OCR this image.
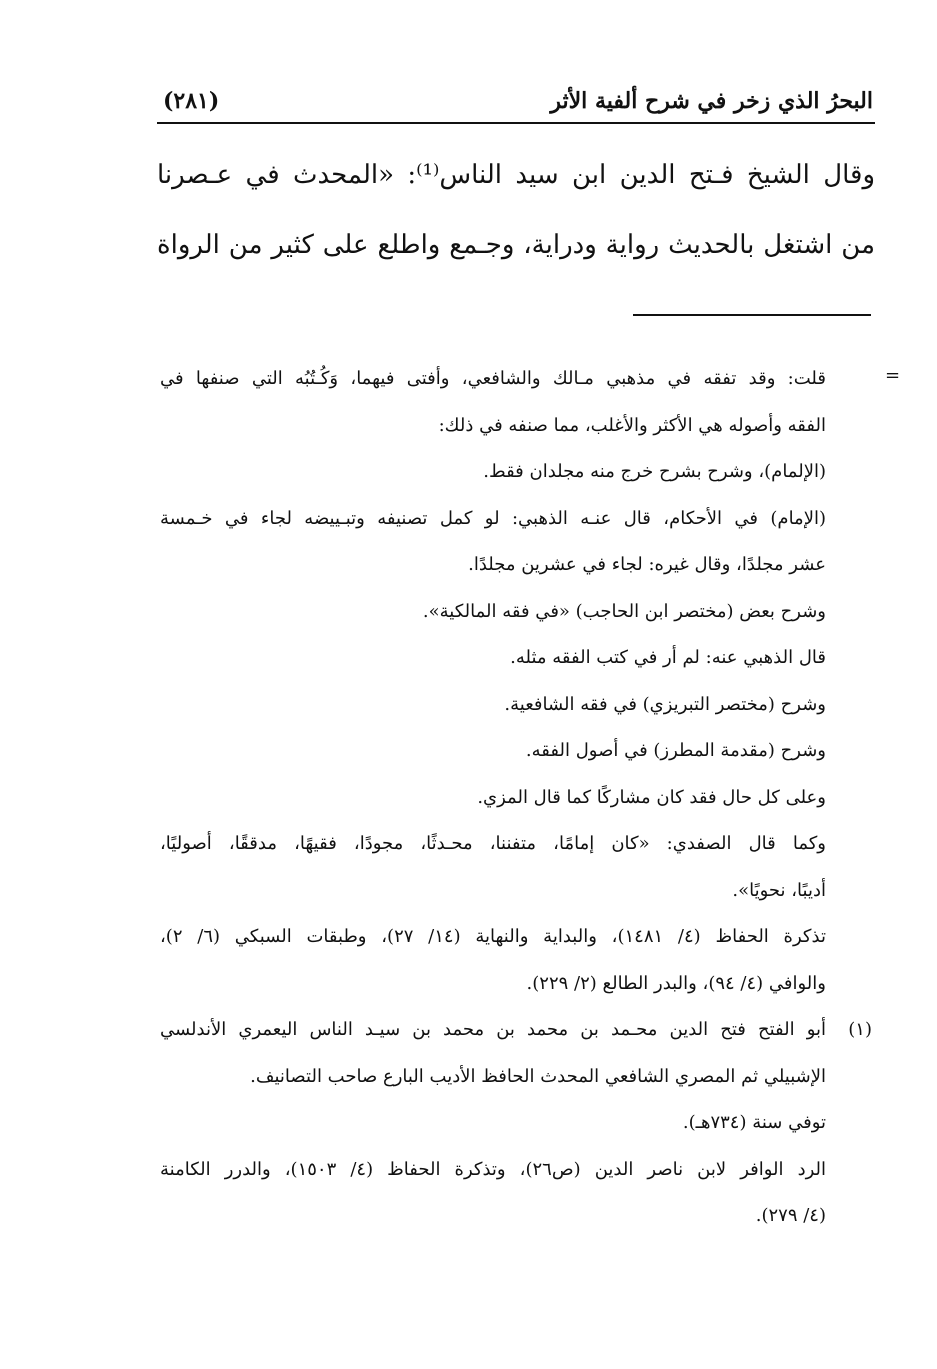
(٢٨١)	البحرُ الذي زخر في شرح ألفية الأثر
وقال الشيخ فـتح الدين ابن سيد الناس⁽¹⁾: «المحدث في عـصرنا
من اشتغل بالحديث رواية ودراية، وجـمع واطلع على كثير من الرواة
=
قلت: وقد تفقه في مذهبي مـالك والشافعي، وأفتى فيهما، وَكُـتُبُه التي صنفها في
الفقه وأصوله هي الأكثر والأغلب، مما صنفه في ذلك:
(الإلمام)، وشرح بشرح خرج منه مجلدان فقط.
(الإمام) في الأحكام، قال عنـه الذهبي: لو كمل تصنيفه وتبـييضه لجاء في خـمسة
عشر مجلدًا، وقال غيره: لجاء في عشرين مجلدًا.
وشرح بعض (مختصر ابن الحاجب) «في فقه المالكية».
قال الذهبي عنه: لم أر في كتب الفقه مثله.
وشرح (مختصر التبريزي) في فقه الشافعية.
وشرح (مقدمة المطرز) في أصول الفقه.
وعلى كل حال فقد كان مشاركًا كما قال المزي.
وكما قال الصفدي: «كان إمامًا، متفننا، محـدثًا، مجودًا، فقيهًا، مدققًا، أصوليًا،
أديبًا، نحويًا».
تذكرة الحفاظ (٤/ ١٤٨١)، والبداية والنهاية (١٤/ ٢٧)، وطبقات السبكي (٦/ ٢)،
والوافي (٤/ ٩٤)، والبدر الطالع (٢/ ٢٢٩).
(١)أبو الفتح فتح الدين محـمد بن محمد بن محمد بن سيـد الناس اليعمري الأندلسي
الإشبيلي ثم المصري الشافعي المحدث الحافظ الأديب البارع صاحب التصانيف.
توفي سنة (٧٣٤هـ).
الرد الوافر لابن ناصر الدين (ص٢٦)، وتذكرة الحفاظ (٤/ ١٥٠٣)، والدرر الكامنة
(٤/ ٢٧٩).
